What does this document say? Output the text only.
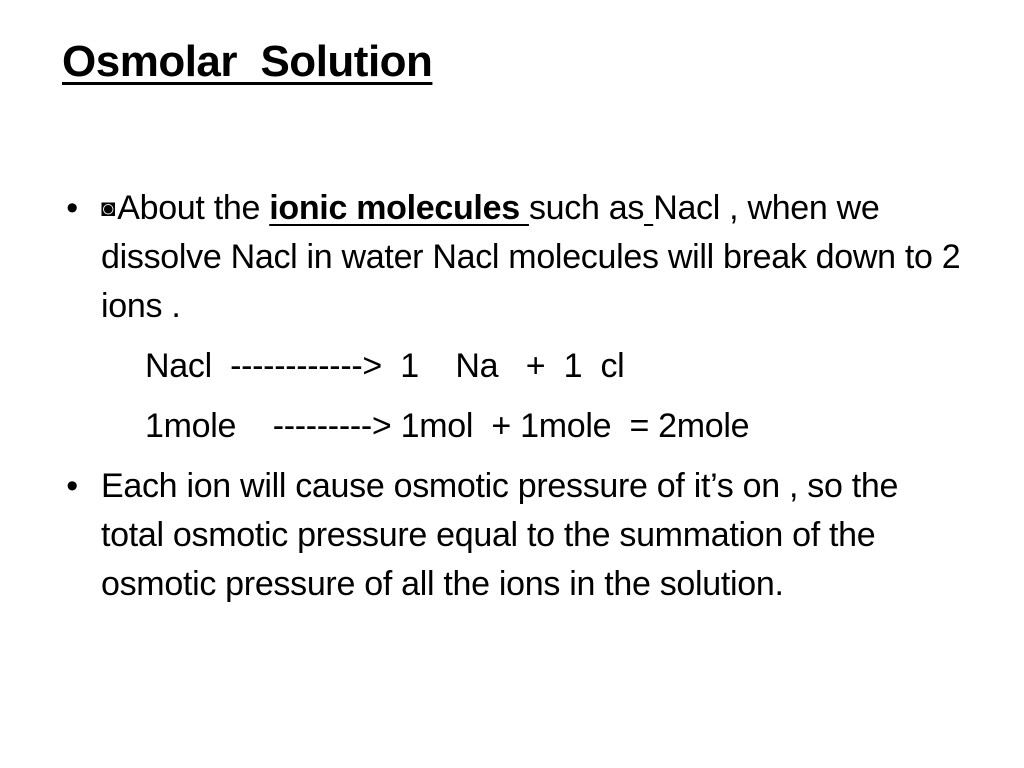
Osmolar  Solution
• ◙About the ionic molecules such as Nacl , when we dissolve Nacl in water Nacl molecules will break down to 2 ions .

Nacl  ------------>  1    Na   +  1  cl
1mole    ---------> 1mol  + 1mole  = 2mole
• Each ion will cause osmotic pressure of it’s on , so the total osmotic pressure equal to the summation of the osmotic pressure of all the ions in the solution.
